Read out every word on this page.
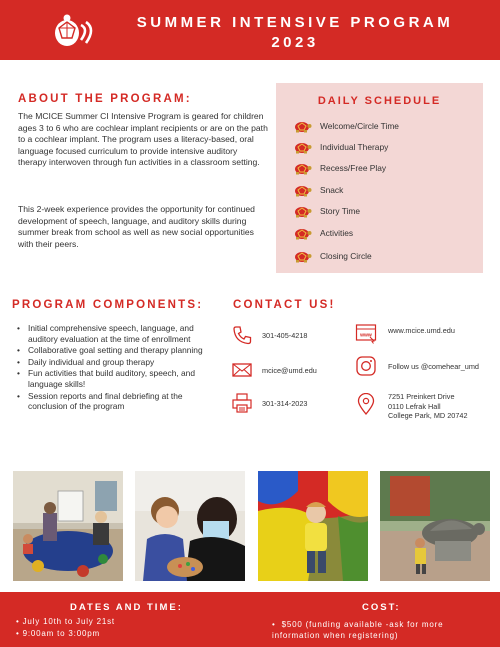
SUMMER INTENSIVE PROGRAM
2023
ABOUT THE PROGRAM:

The MCICE Summer CI Intensive Program is geared for children ages 3 to 6 who are cochlear implant recipients or are on the path to a cochlear implant. The program uses a literacy-based, oral language focused curriculum to provide intensive auditory therapy interwoven through fun activities in a classroom setting.

This 2-week experience provides the opportunity for continued development of speech, language, and auditory skills during summer break from school as well as new social opportunities with their peers.

DAILY SCHEDULE
Welcome/Circle Time
Individual Therapy
Recess/Free Play
Snack
Story Time
Activities
Closing Circle
PROGRAM COMPONENTS:
• Initial comprehensive speech, language, and auditory evaluation at the time of enrollment
• Collaborative goal setting and therapy planning
• Daily individual and group therapy
• Fun activities that build auditory, speech, and language skills!
• Session reports and final debriefing at the conclusion of the program
CONTACT US!
301-405-4218
mcice@umd.edu
301-314-2023
www
www.mcice.umd.edu
Follow us @comehear_umd
7251 Preinkert Drive
0110 Lefrak Hall
College Park, MD 20742
DATES AND TIME:
• July 10th to July 21st
• 9:00am to 3:00pm
COST:
•  $500 (funding available -ask for more information when registering)
